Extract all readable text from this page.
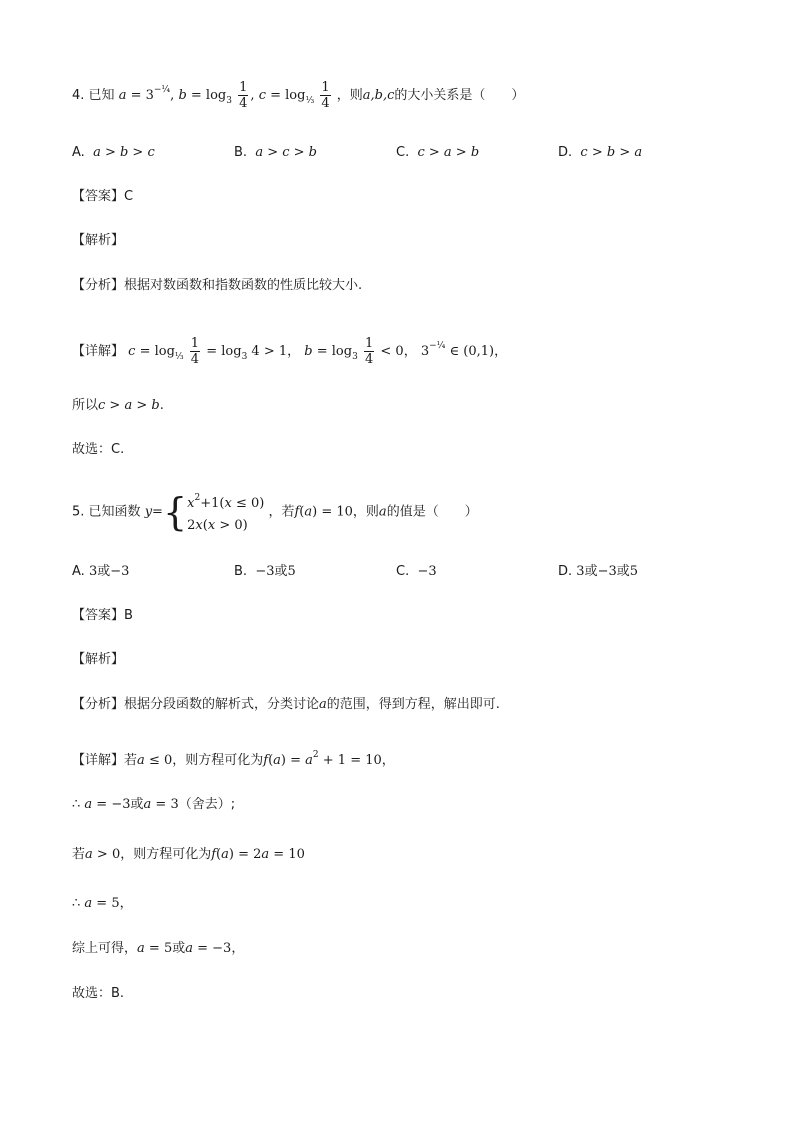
4. 已知 $a = 3^{-\frac{1}{4}}$, $b = \log_3 \frac{1}{4}$ , $c = \log_{\frac{1}{3}} \frac{1}{4}$ ，则a,b,c的大小关系是（　　）
A. a > b > c	B. a > c > b	C. c > a > b	D. c > b > a
【答案】C
【解析】
【分析】根据对数函数和指数函数的性质比较大小.
【详解】 $c = \log_{\frac{1}{3}} \frac{1}{4} = \log_3 4 > 1$， $b = \log_3 \frac{1}{4} < 0$， $3^{-\frac{1}{4}}$ ∈ (0,1)，
所以c > a > b.
故选：C.
5. 已知函数 y={ $x^2+1(x \le 0)$
2x(x > 0)
，若f(a) = 10，则a的值是（　　）
A. 3或−3	B. −3或5	C. −3	D. 3或−3或5
【答案】B
【解析】
【分析】根据分段函数的解析式，分类讨论a的范围，得到方程，解出即可.
【详解】若a ≤ 0，则方程可化为$f(a) = a^2 + 1 = 10$，
∴ a = −3或a = 3（舍去）;
若a > 0，则方程可化为f(a) = 2a = 10
∴ a = 5，
综上可得，a = 5或a = −3，
故选：B.
